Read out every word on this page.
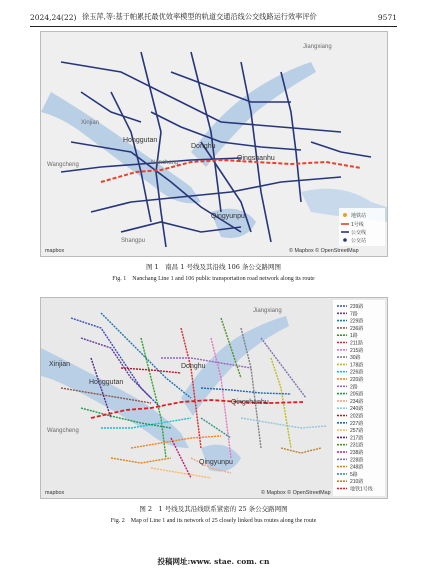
2024,24(22) 徐玉萍,等:基于帕累托最优效率模型的轨道交通沿线公交线路运行效率评价	9571
Jiangxiang
Xinjian
Honggutan
Donghu
Qingshanhu
Wangcheng
Qingyunpu
Nanchang
Shangpu
地铁站
1号线
公交线
公交站
© Mapbox © OpenStreetMap
mapbox
图 1　南昌 1 号线及其沿线 106 条公交路网图
Fig. 1　Nanchang Line 1 and 106 public transportation road network along its route
Xinjian
Honggutan
Donghu
Qingshanhu
Qingyunpu
Wangcheng
Jiangxiang
239路
7路
229路
236路
1路
211路
215路
30路
178路
226路
220路
2路
205路
234路
240路
202路
227路
257路
217路
231路
238路
228路
248路
5路
210路
地铁1号线
© Mapbox © OpenStreetMap
mapbox
图 2　1 号线及其沿线联系紧密的 25 条公交路网图
Fig. 2　Map of Line 1 and its network of 25 closely linked bus routes along the route
投稿网址:www. stae. com. cn
